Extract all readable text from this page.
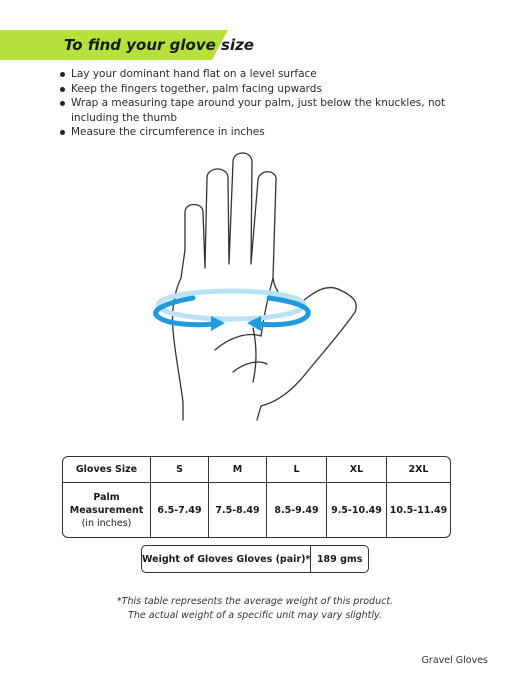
To find your glove size
Lay your dominant hand flat on a level surface
Keep the fingers together, palm facing upwards
Wrap a measuring tape around your palm, just below the knuckles, not including the thumb
Measure the circumference in inches
Gloves Size	S	M	L	XL	2XL
Palm
Measurement
(in inches)	6.5-7.49	7.5-8.49	8.5-9.49	9.5-10.49	10.5-11.49
Weight of Gloves Gloves (pair)* 189 gms
*This table represents the average weight of this product.
The actual weight of a specific unit may vary slightly.
Gravel Gloves
